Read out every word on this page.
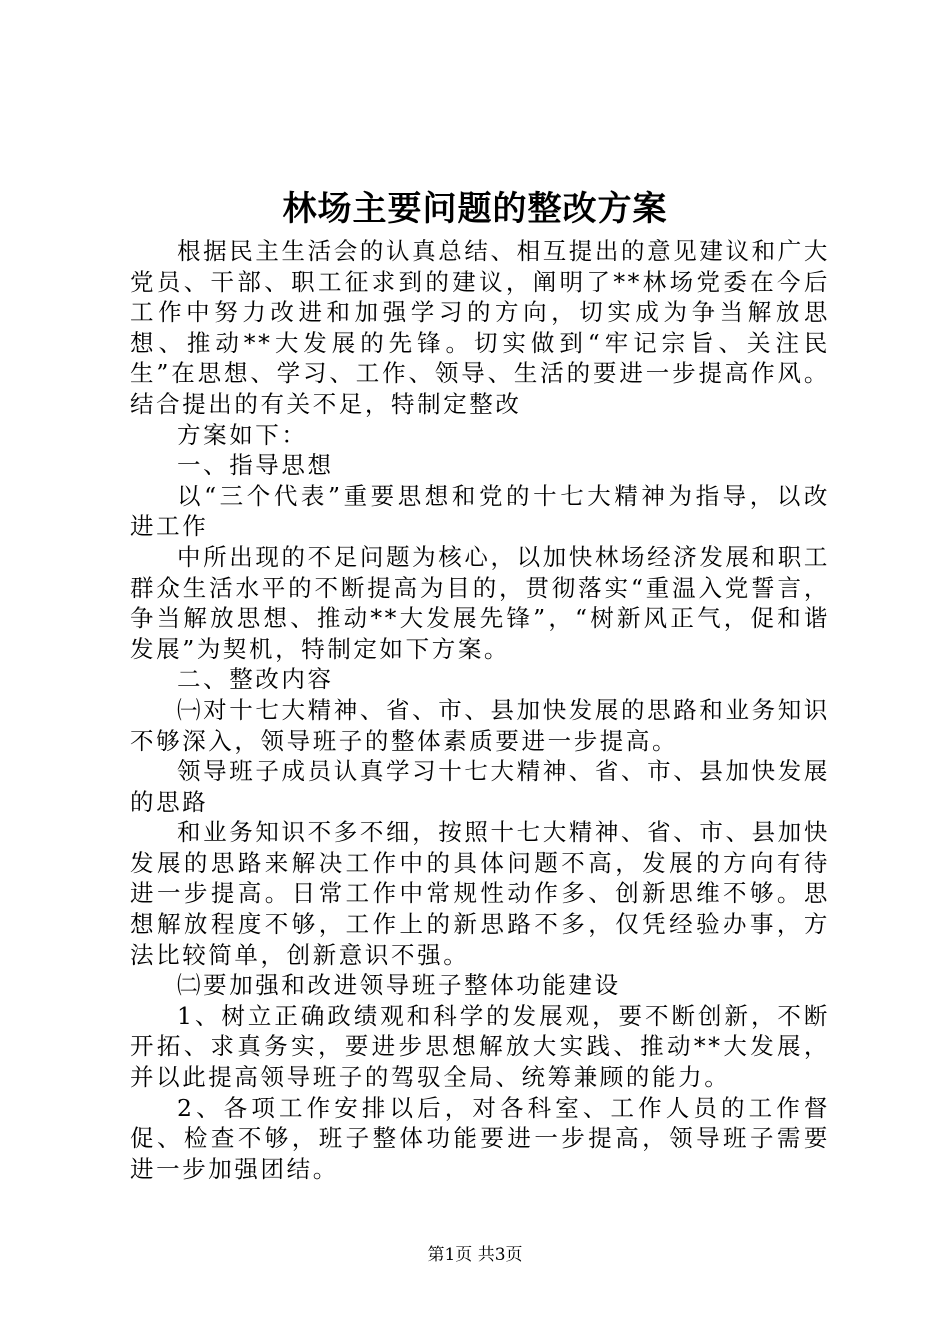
林场主要问题的整改方案

根据民主生活会的认真总结、相互提出的意见建议和广大党员、干部、职工征求到的建议，阐明了**林场党委在今后工作中努力改进和加强学习的方向，切实成为争当解放思想、推动**大发展的先锋。切实做到“牢记宗旨、关注民生”在思想、学习、工作、领导、生活的要进一步提高作风。结合提出的有关不足，特制定整改

方案如下：

一、指导思想

以“三个代表”重要思想和党的十七大精神为指导，以改进工作

中所出现的不足问题为核心，以加快林场经济发展和职工群众生活水平的不断提高为目的，贯彻落实“重温入党誓言，争当解放思想、推动**大发展先锋”，“树新风正气，促和谐发展”为契机，特制定如下方案。

二、整改内容

㈠对十七大精神、省、市、县加快发展的思路和业务知识不够深入，领导班子的整体素质要进一步提高。

领导班子成员认真学习十七大精神、省、市、县加快发展的思路

和业务知识不多不细，按照十七大精神、省、市、县加快发展的思路来解决工作中的具体问题不高，发展的方向有待进一步提高。日常工作中常规性动作多、创新思维不够。思想解放程度不够，工作上的新思路不多，仅凭经验办事，方法比较简单，创新意识不强。

㈡要加强和改进领导班子整体功能建设

1、树立正确政绩观和科学的发展观，要不断创新，不断开拓、求真务实，要进步思想解放大实践、推动**大发展，并以此提高领导班子的驾驭全局、统筹兼顾的能力。

2、各项工作安排以后，对各科室、工作人员的工作督促、检查不够，班子整体功能要进一步提高，领导班子需要进一步加强团结。

第1页 共3页
